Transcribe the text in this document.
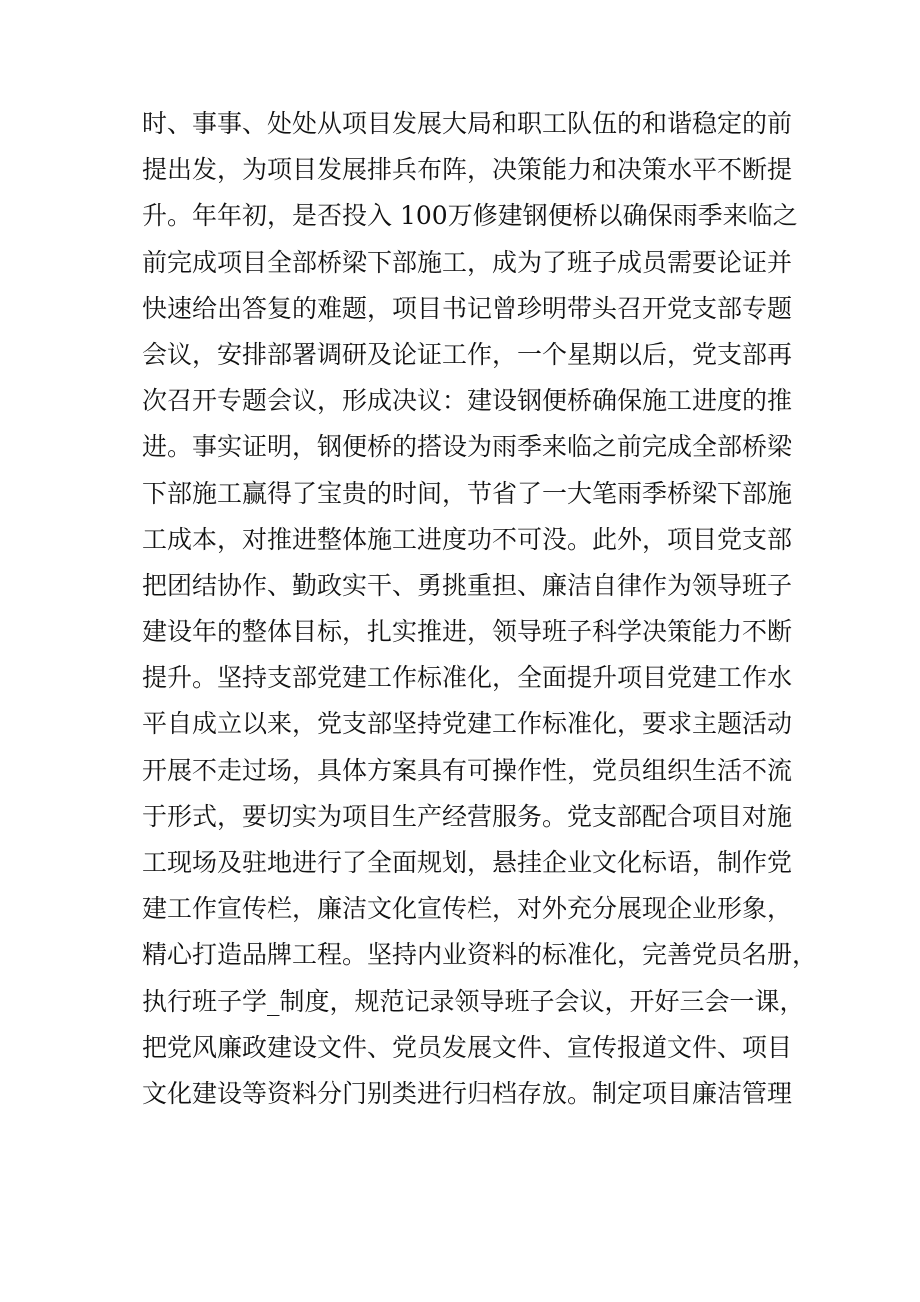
时、事事、处处从项目发展大局和职工队伍的和谐稳定的前
提出发，为项目发展排兵布阵，决策能力和决策水平不断提
升。年年初，是否投入 100万修建钢便桥以确保雨季来临之
前完成项目全部桥梁下部施工，成为了班子成员需要论证并
快速给出答复的难题，项目书记曾珍明带头召开党支部专题
会议，安排部署调研及论证工作，一个星期以后，党支部再
次召开专题会议，形成决议：建设钢便桥确保施工进度的推
进。事实证明，钢便桥的搭设为雨季来临之前完成全部桥梁
下部施工赢得了宝贵的时间，节省了一大笔雨季桥梁下部施
工成本，对推进整体施工进度功不可没。此外，项目党支部
把团结协作、勤政实干、勇挑重担、廉洁自律作为领导班子
建设年的整体目标，扎实推进，领导班子科学决策能力不断
提升。坚持支部党建工作标准化，全面提升项目党建工作水
平自成立以来，党支部坚持党建工作标准化，要求主题活动
开展不走过场，具体方案具有可操作性，党员组织生活不流
于形式，要切实为项目生产经营服务。党支部配合项目对施
工现场及驻地进行了全面规划，悬挂企业文化标语，制作党
建工作宣传栏，廉洁文化宣传栏，对外充分展现企业形象，
精心打造品牌工程。坚持内业资料的标准化，完善党员名册，
执行班子学_制度，规范记录领导班子会议，开好三会一课，
把党风廉政建设文件、党员发展文件、宣传报道文件、项目
文化建设等资料分门别类进行归档存放。制定项目廉洁管理
